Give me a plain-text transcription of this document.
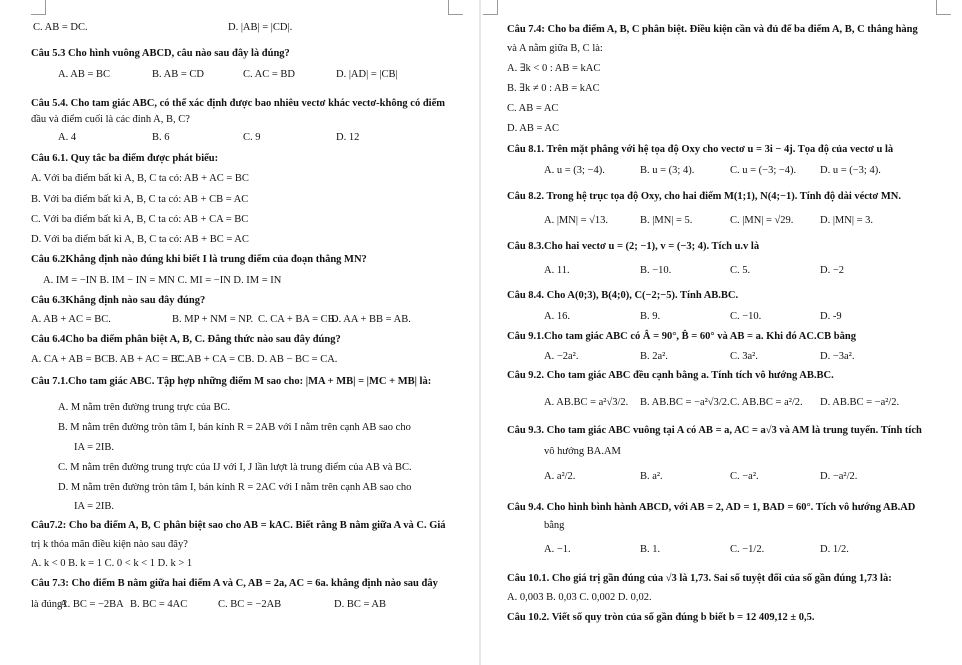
C. AB = DC.	D. |AB| = |CD|.
Câu 5.3 Cho hình vuông ABCD, câu nào sau đây là đúng?
A. AB = BC	B. AB = CD	C. AC = BD	D. |AD| = |CB|
Câu 5.4. Cho tam giác ABC, có thể xác định được bao nhiêu vectơ khác vectơ-không có điểm
đầu và điểm cuối là các đỉnh A, B, C?
A. 4	B. 6	C. 9	D. 12
Câu 6.1. Quy tắc ba điểm được phát biểu:
A. Với ba điểm bất kì A, B, C ta có: AB + AC = BC
B. Với ba điểm bất kì A, B, C ta có: AB + CB = AC
C. Với ba điểm bất kì A, B, C ta có: AB + CA = BC
D. Với ba điểm bất kì A, B, C ta có: AB + BC = AC
Câu 6.2Khẳng định nào đúng khi biết I là trung điểm của đoạn thẳng MN?
A. IM = −IN B. IM − IN = MN C. MI = −IN D. IM = IN
Câu 6.3Khẳng định nào sau đây đúng?
A. AB + AC = BC.	B. MP + NM = NP. C. CA + BA = CB.
D. AA + BB = AB.
Câu 6.4Cho ba điểm phân biệt A, B, C. Đẳng thức nào sau đây đúng?
A. CA + AB = BC.
B. AB + AC = BC.
C. AB + CA = CB. D. AB − BC = CA.
Câu 7.1.Cho tam giác ABC. Tập hợp những điểm M sao cho: |MA + MB| = |MC + MB| là:
A. M nằm trên đường trung trực của BC.
B. M nằm trên đường tròn tâm I, bán kính R = 2AB với I nằm trên cạnh AB sao cho
IA = 2IB.
C. M nằm trên đường trung trực của IJ với I, J lần lượt là trung điểm của AB và BC.
D. M nằm trên đường tròn tâm I, bán kính R = 2AC với I nằm trên cạnh AB sao cho
IA = 2IB.
Câu7.2: Cho ba điểm A, B, C phân biệt sao cho AB = kAC. Biết rằng B nằm giữa A và C. Giá
trị k thỏa mãn điều kiện nào sau đây?
A. k < 0 B. k = 1 C. 0 < k < 1 D. k > 1
Câu 7.3: Cho điểm B nằm giữa hai điểm A và C, AB = 2a, AC = 6a. khẳng định nào sau đây
là đúng?
A. BC = −2BA B. BC = 4AC	C. BC = −2AB	D. BC = AB
Câu 7.4: Cho ba điểm A, B, C phân biệt. Điều kiện cần và đủ để ba điểm A, B, C thẳng hàng
và A nằm giữa B, C là:
A. ∃k < 0 : AB = kAC
B. ∃k ≠ 0 : AB = kAC
C. AB = AC
D. AB = AC
Câu 8.1. Trên mặt phẳng với hệ tọa độ Oxy cho vectơ u = 3i − 4j. Tọa độ của vectơ u là
A. u = (3; −4).	B. u = (3; 4).	C. u = (−3; −4). D. u = (−3; 4).
Câu 8.2. Trong hệ trục tọa độ Oxy, cho hai điểm M(1;1), N(4;−1). Tính độ dài véctơ MN.
A. |MN| = √13.	B. |MN| = 5.	C. |MN| = √29.	D. |MN| = 3.
Câu 8.3.Cho hai vectơ u = (2; −1), v = (−3; 4). Tích u.v là
A. 11.	B. −10.	C. 5.	D. −2
Câu 8.4. Cho A(0;3), B(4;0), C(−2;−5). Tính AB.BC.
A. 16.	B. 9.	C. −10.	D. -9
Câu 9.1.Cho tam giác ABC có Â = 90°, B̂ = 60° và AB = a. Khi đó AC.CB bằng
A. −2a².	B. 2a².	C. 3a².	D. −3a².
Câu 9.2. Cho tam giác ABC đều cạnh bằng a. Tính tích vô hướng AB.BC.
A. AB.BC = a²√3/2. B. AB.BC = −a²√3/2. C. AB.BC = a²/2. D. AB.BC = −a²/2.
Câu 9.3. Cho tam giác ABC vuông tại A có AB = a, AC = a√3 và AM là trung tuyến. Tính tích
vô hướng BA.AM
A. a²/2.	B. a².	C. −a².	D. −a²/2.
Câu 9.4. Cho hình bình hành ABCD, với AB = 2, AD = 1, BAD = 60°. Tích vô hướng AB.AD
bằng
A. −1.	B. 1.	C. −1/2.	D. 1/2.
Câu 10.1. Cho giá trị gần đúng của √3 là 1,73. Sai số tuyệt đối của số gần đúng 1,73 là:
A. 0,003 B. 0,03 C. 0,002 D. 0,02.
Câu 10.2. Viết số quy tròn của số gần đúng b biết b = 12 409,12 ± 0,5.
